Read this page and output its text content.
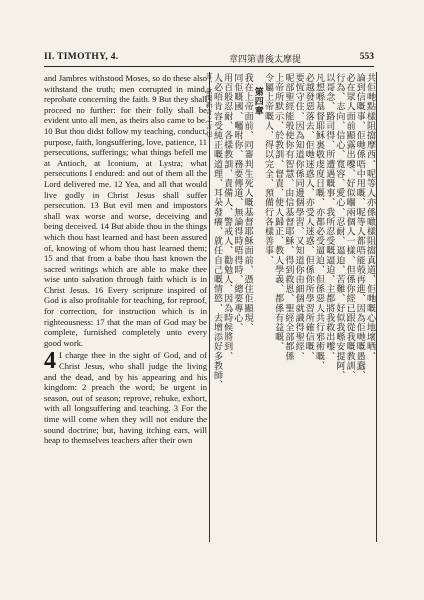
II. TIMOTHY, 4.	章四第書後太摩提	553

and Jambres withstood Moses, so do these also withstand the truth; men corrupted in mind, reprobate concerning the faith. 9 But they shall proceed no further: for their folly shall be evident unto all men, as theirs also came to be. 10 But thou didst follow my teaching, conduct, purpose, faith, longsuffering, love, patience, 11 persecutions, sufferings; what things befell me at Antioch, at Iconium, at Lystra; what persecutions I endured: and out of them all the Lord delivered me. 12 Yea, and all that would live godly in Christ Jesus shall suffer persecution. 13 But evil men and impostors shall wax worse and worse, deceiving and being deceived. 14 But abide thou in the things which thou hast learned and hast been assured of, knowing of whom thou hast learned them; 15 and that from a babe thou hast known the sacred writings which are able to make thee wise unto salvation through faith which is in Christ Jesus. 16 Every scripture inspired of God is also profitable for teaching, for reproof, for correction, for instruction which is in righteousness: 17 that the man of God may be complete, furnished completely unto every good work.

4 I charge thee in the sight of God, and of Christ Jesus, who shall judge the living and the dead, and by his appearing and his kingdom: 2 preach the word; be urgent in season, out of season; reprove, rebuke, exhort, with all longsuffering and teaching. 3 For the time will come when they will not endure the sound doctrine; but, having itching ears, will heap to themselves teachers after their own

共佢哋點樣阻擋摩西、呢等人亦係噉樣阻擋真道、佢哋嘅心地壞晒、
論到信嘅事、佢哋係唔中用嘅、呢等人都唔能彀再進、因為佢哋嘅愚蠢、
必在眾人面前顯露出嚟、好似嗰兩個人一樣、但係你經已跟從我嘅教訓、
行為、志向、信心、寬容、愛心、忍耐、逼迫、苦難、好似我喺安提阿、
以哥念、路司得、所遭遇嘅事、我所忍受嘅逼迫、主都將我救出嚟、
凡想喺基督耶穌裏敬虔度日嘅、亦都必受逼迫、但係惡人共行邪術嘅、
必越發惡落去、佢哋迷惑人、亦受人迷惑、但係你所學習所確信嘅、
要恆守住、因為知道你係同邊個學習、又知道你由細個就識得聖經、
呢部聖經能彀使你有智慧、由信基督耶穌、得到救恩、聖經全部都係
上帝所默示、於教訓、督責、使人歸正、教人學義、都係有益嘅、
令屬上帝嘅人、得以完全、預備行各樣善事、
第四章
我在上帝面前、同審判生死人嘅基督耶穌面前、憑住佢顯現、
同佢嘅國、囑咐你、務要傳道、無論得時唔得時、總要專心、
用百般忍耐、各樣教訓、責備人、警戒人、勸勉人、因為時候將到、
人必唔肯容受純正嘅道理、耳朵發癢、就任自己嘅情慾、去增添好多教師、
耳、欲聞新奇之言也
